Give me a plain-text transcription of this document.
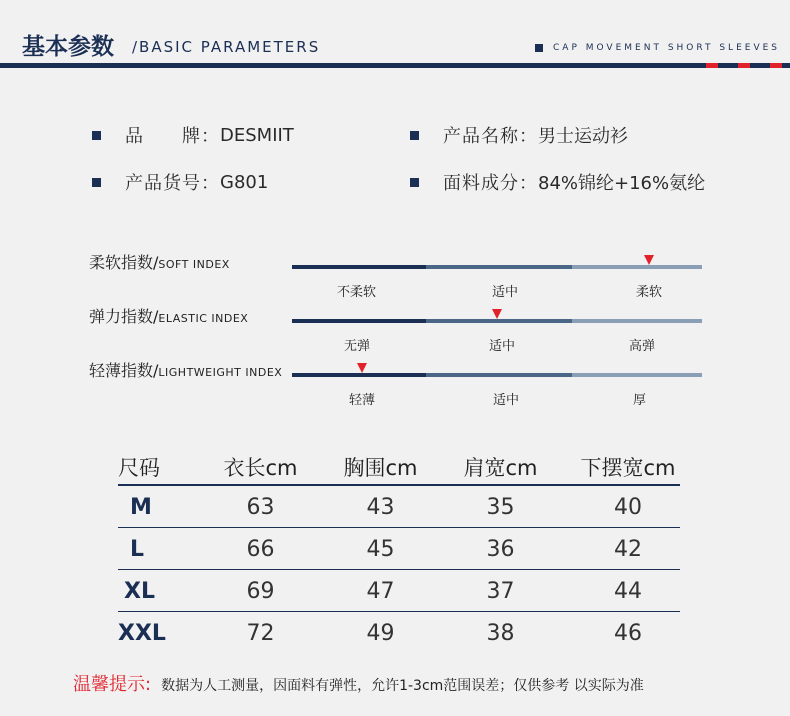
基本参数 /BASIC PARAMETERS	CAP MOVEMENT SHORT SLEEVES
品　　牌： DESMIIT	产品名称： 男士运动衫
产品货号： G801	面料成分： 84%锦纶+16%氨纶
柔软指数/SOFT INDEX
不柔软	适中	柔软
弹力指数/ELASTIC INDEX
无弹	适中	高弹
轻薄指数/LIGHTWEIGHT INDEX
轻薄	适中	厚
尺码	衣长cm	胸围cm	肩宽cm	下摆宽cm
M	63	43	35	40
L	66	45	36	42
XL	69	47	37	44
XXL	72	49	38	46
温馨提示: 数据为人工测量，因面料有弹性，允许1-3cm范围误差；仅供参考 以实际为准
